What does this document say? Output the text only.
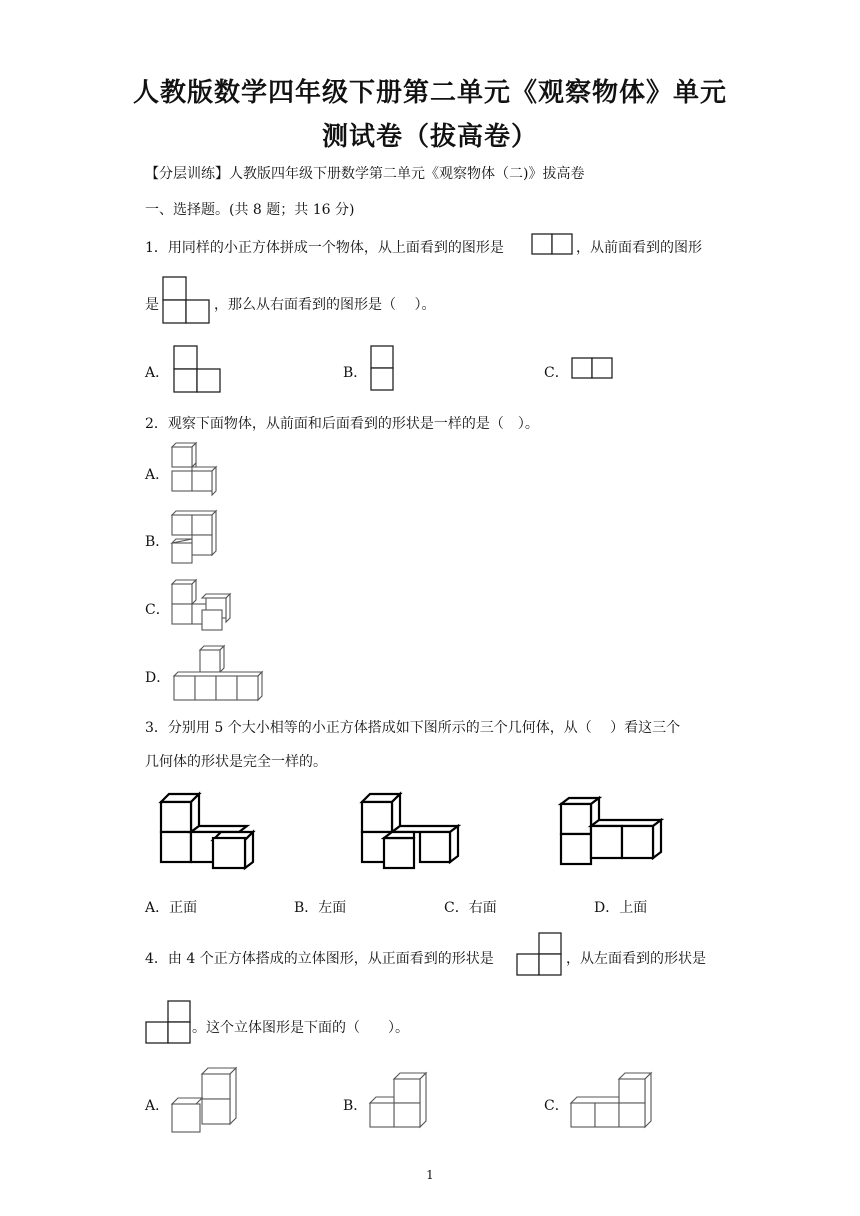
人教版数学四年级下册第二单元《观察物体》单元
测试卷（拔高卷）
【分层训练】人教版四年级下册数学第二单元《观察物体（二)》拔高卷
一、选择题。(共 8 题；共 16 分)
1．用同样的小正方体拼成一个物体，从上面看到的图形是	，从前面看到的图形
是	，那么从右面看到的图形是（　 ）。
A．	B．	C．
2．观察下面物体，从前面和后面看到的形状是一样的是（　）。
A．
B．
C．
D．
3．分别用 5 个大小相等的小正方体搭成如下图所示的三个几何体，从（　 ）看这三个
几何体的形状是完全一样的。
A．正面	B．左面	C．右面	D．上面
4．由 4 个正方体搭成的立体图形，从正面看到的形状是	，从左面看到的形状是
。这个立体图形是下面的（　　）。
A．	B．	C．
1
